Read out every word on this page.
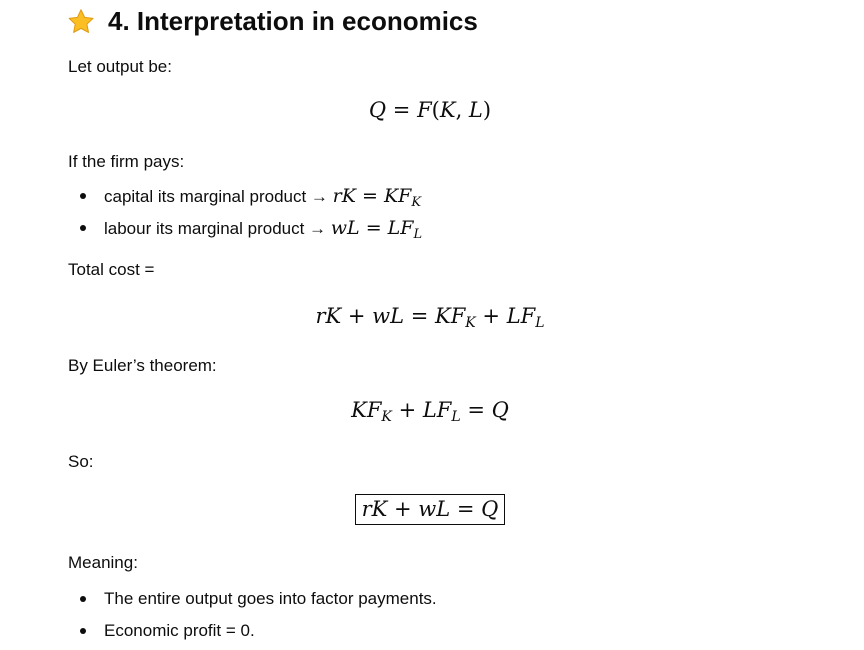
4. Interpretation in economics
Let output be:
Q = F(K, L)
If the firm pays:
capital its marginal product → rK = $KF_K$
labour its marginal product → wL = $LF_L$
Total cost =
rK + wL = $KF_K + LF_L$
By Euler’s theorem:
$KF_K + LF_L = Q$
So:
rK + wL = Q
Meaning:
The entire output goes into factor payments.
Economic profit = 0.
